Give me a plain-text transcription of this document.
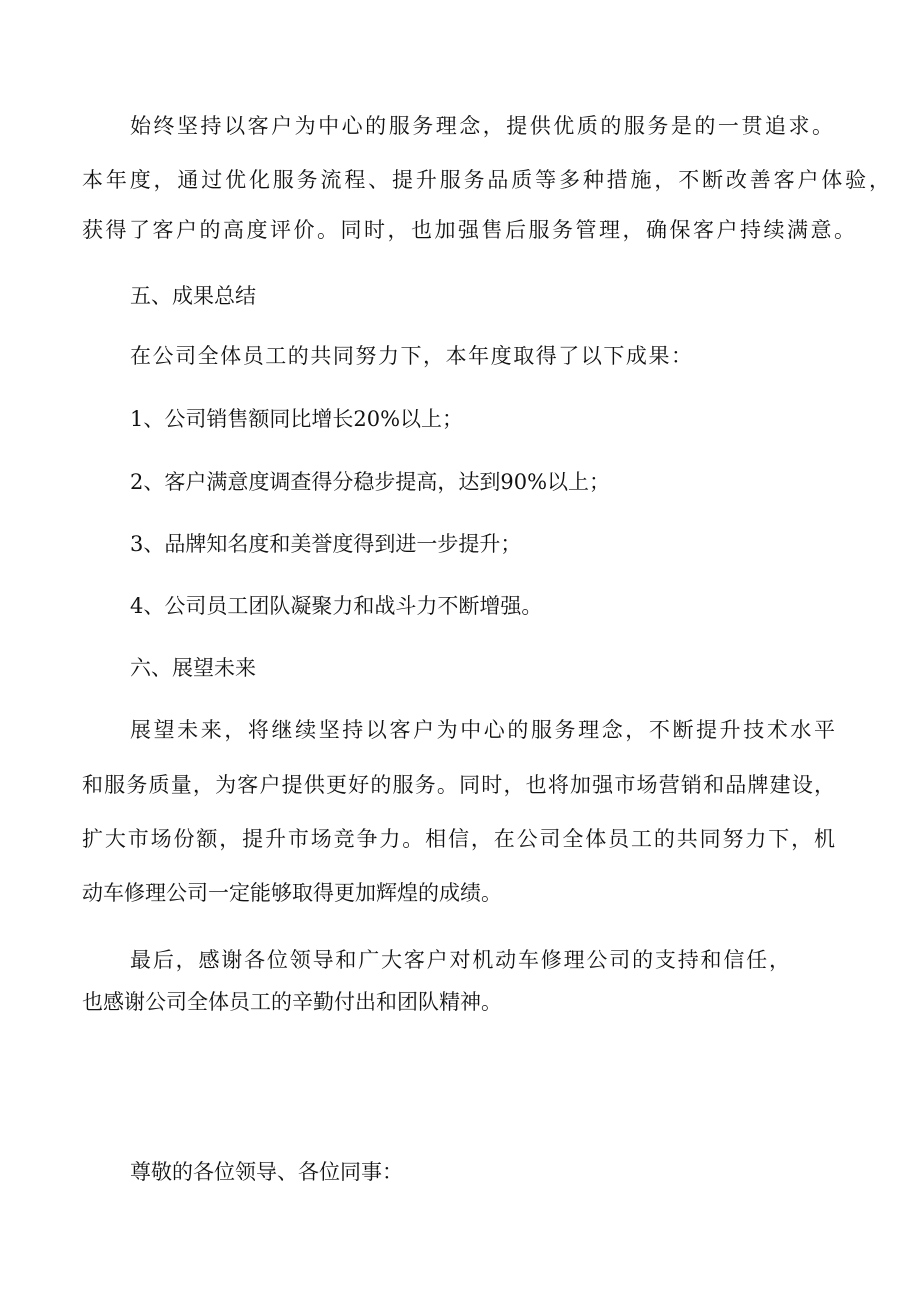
始终坚持以客户为中心的服务理念，提供优质的服务是的一贯追求。

本年度，通过优化服务流程、提升服务品质等多种措施，不断改善客户体验，

获得了客户的高度评价。同时，也加强售后服务管理，确保客户持续满意。

五、成果总结

在公司全体员工的共同努力下，本年度取得了以下成果：

1、公司销售额同比增长20%以上；

2、客户满意度调查得分稳步提高，达到90%以上；

3、品牌知名度和美誉度得到进一步提升；

4、公司员工团队凝聚力和战斗力不断增强。

六、展望未来

展望未来，将继续坚持以客户为中心的服务理念，不断提升技术水平

和服务质量，为客户提供更好的服务。同时，也将加强市场营销和品牌建设，

扩大市场份额，提升市场竞争力。相信，在公司全体员工的共同努力下，机

动车修理公司一定能够取得更加辉煌的成绩。

最后，感谢各位领导和广大客户对机动车修理公司的支持和信任，

也感谢公司全体员工的辛勤付出和团队精神。

尊敬的各位领导、各位同事：
